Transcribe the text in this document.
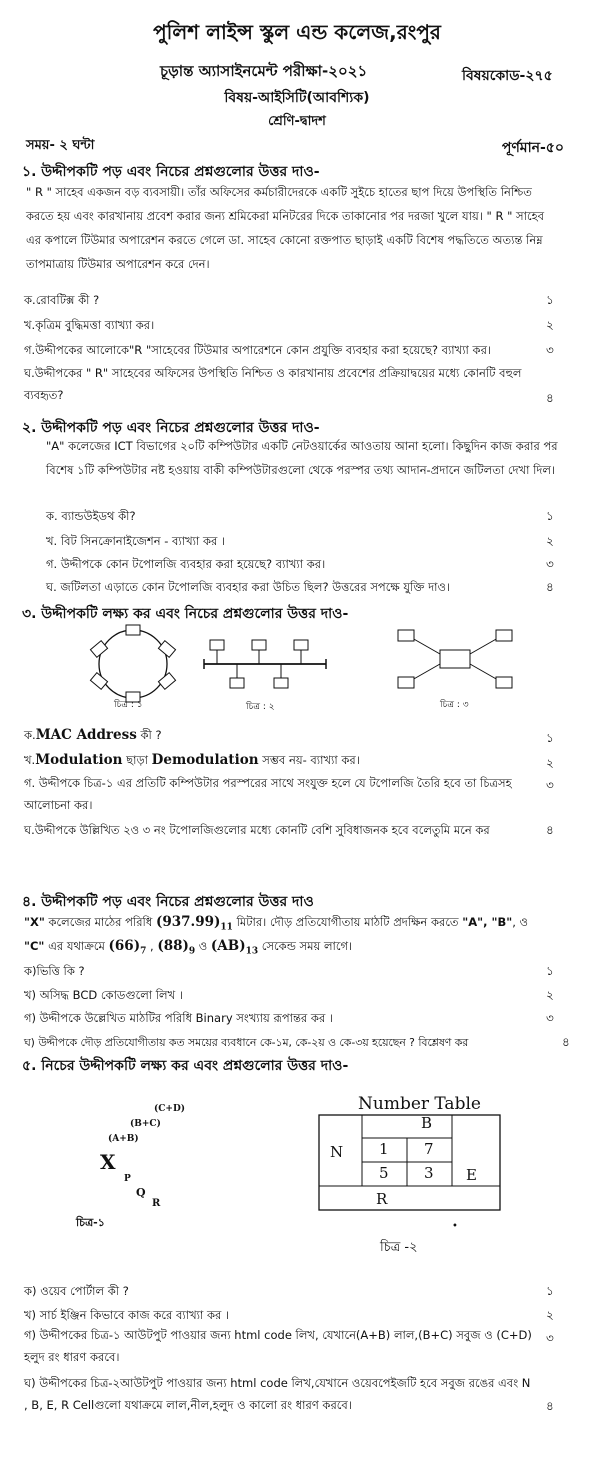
পুলিশ লাইন্স স্কুল এন্ড কলেজ,রংপুর
চূড়ান্ত অ্যাসাইনমেন্ট পরীক্ষা-২০২১	বিষয়কোড-২৭৫
বিষয়-আইসিটি(আবশ্যিক)
শ্রেণি-দ্বাদশ
সময়- ২ ঘন্টা	পূর্ণমান-৫০
১. উদ্দীপকটি পড় এবং নিচের প্রশ্নগুলোর উত্তর দাও-
" R " সাহেব একজন বড় ব্যবসায়ী। তাঁর অফিসের কর্মচারীদেরকে একটি সুইচে হাতের ছাপ দিয়ে উপস্থিতি নিশ্চিত করতে হয় এবং কারখানায় প্রবেশ করার জন্য শ্রমিকেরা মনিটরের দিকে তাকানোর পর দরজা খুলে যায়। " R " সাহেব এর কপালে টিউমার অপারেশন করতে গেলে ডা. সাহেব কোনো রক্তপাত ছাড়াই একটি বিশেষ পদ্ধতিতে অত্যন্ত নিম্ন তাপমাত্রায় টিউমার অপারেশন করে দেন।
ক.রোবটিক্স কী ?	১
খ.কৃত্রিম বুদ্ধিমত্তা ব্যাখ্যা কর।	২
গ.উদ্দীপকের আলোকে"R "সাহেবের টিউমার অপারেশনে কোন প্রযুক্তি ব্যবহার করা হয়েছে? ব্যাখ্যা কর।	৩
ঘ.উদ্দীপকের " R" সাহেবের অফিসের উপস্থিতি নিশ্চিত ও কারখানায় প্রবেশের প্রক্রিয়াদ্বয়ের মধ্যে কোনটি বহুল ব্যবহৃত?	৪
২. উদ্দীপকটি পড় এবং নিচের প্রশ্নগুলোর উত্তর দাও-
"A" কলেজের ICT বিভাগের ২০টি কম্পিউটার একটি নেটওয়ার্কের আওতায় আনা হলো। কিছুদিন কাজ করার পর বিশেষ ১টি কম্পিউটার নষ্ট হওয়ায় বাকী কম্পিউটারগুলো থেকে পরস্পর তথ্য আদান-প্রদানে জটিলতা দেখা দিল।
ক. ব্যান্ডউইডথ কী?	১
খ. বিট সিনক্রোনাইজেশন - ব্যাখ্যা কর ।	২
গ. উদ্দীপকে কোন টপোলজি ব্যবহার করা হয়েছে? ব্যাখ্যা কর।	৩
ঘ. জটিলতা এড়াতে কোন টপোলজি ব্যবহার করা উচিত ছিল? উত্তরের সপক্ষে যুক্তি দাও।	৪
৩. উদ্দীপকটি লক্ষ্য কর এবং নিচের প্রশ্নগুলোর উত্তর দাও-
চিত্র : ১	চিত্র : ২	চিত্র : ৩
ক.MAC Address কী ?	১
খ.Modulation ছাড়া Demodulation সম্ভব নয়- ব্যাখ্যা কর।	২
গ. উদ্দীপকে চিত্র-১ এর প্রতিটি কম্পিউটার পরস্পরের সাথে সংযুক্ত হলে যে টপোলজি তৈরি হবে তা চিত্রসহ আলোচনা কর।
৩
ঘ.উদ্দীপকে উল্লিখিত ২ও ৩ নং টপোলজিগুলোর মধ্যে কোনটি বেশি সুবিধাজনক হবে বলেতুমি মনে কর	৪
৪. উদ্দীপকটি পড় এবং নিচের প্রশ্নগুলোর উত্তর দাও
"X" কলেজের মাঠের পরিধি $(937.99)_{11}$ মিটার। দৌড় প্রতিযোগীতায় মাঠটি প্রদক্ষিন করতে "A", "B", ও
"C" এর যথাক্রমে $(66)_7$ , $(88)_9$ ও $(AB)_{13}$ সেকেন্ড সময় লাগে।
ক)ভিত্তি কি ?	১
খ) অসিদ্ধ BCD কোডগুলো লিখ ।	২
গ) উদ্দীপকে উল্লেখিত মাঠটির পরিধি Binary সংখ্যায় রূপান্তর কর ।	৩
ঘ) উদ্দীপকে দৌড় প্রতিযোগীতায় কত সময়ের ব্যবধানে কে-১ম, কে-২য় ও কে-৩য় হয়েছেন ? বিশ্লেষণ কর	৪
৫. নিচের উদ্দীপকটি লক্ষ্য কর এবং প্রশ্নগুলোর উত্তর দাও-
(C+D)
(B+C)
(A+B)
X
P
Q
R
চিত্র-১
Number Table
B
N 1 7
5 3 E
R
•
চিত্র -২
ক) ওয়েব পোর্টাল কী ?	১
খ) সার্চ ইঞ্জিন কিভাবে কাজ করে ব্যাখ্যা কর ।	২
গ) উদ্দীপকের চিত্র-১ আউটপুট পাওয়ার জন্য html code লিখ, যেখানে(A+B) লাল,(B+C) সবুজ ও (C+D) হলুদ রং ধারণ করবে।
৩
ঘ) উদ্দীপকের চিত্র-২আউটপুট পাওয়ার জন্য html code লিখ,যেখানে ওয়েবপেইজটি হবে সবুজ রঙের এবং N , B, E, R Cellগুলো যথাক্রমে লাল,নীল,হলুদ ও কালো রং ধারণ করবে।	৪
